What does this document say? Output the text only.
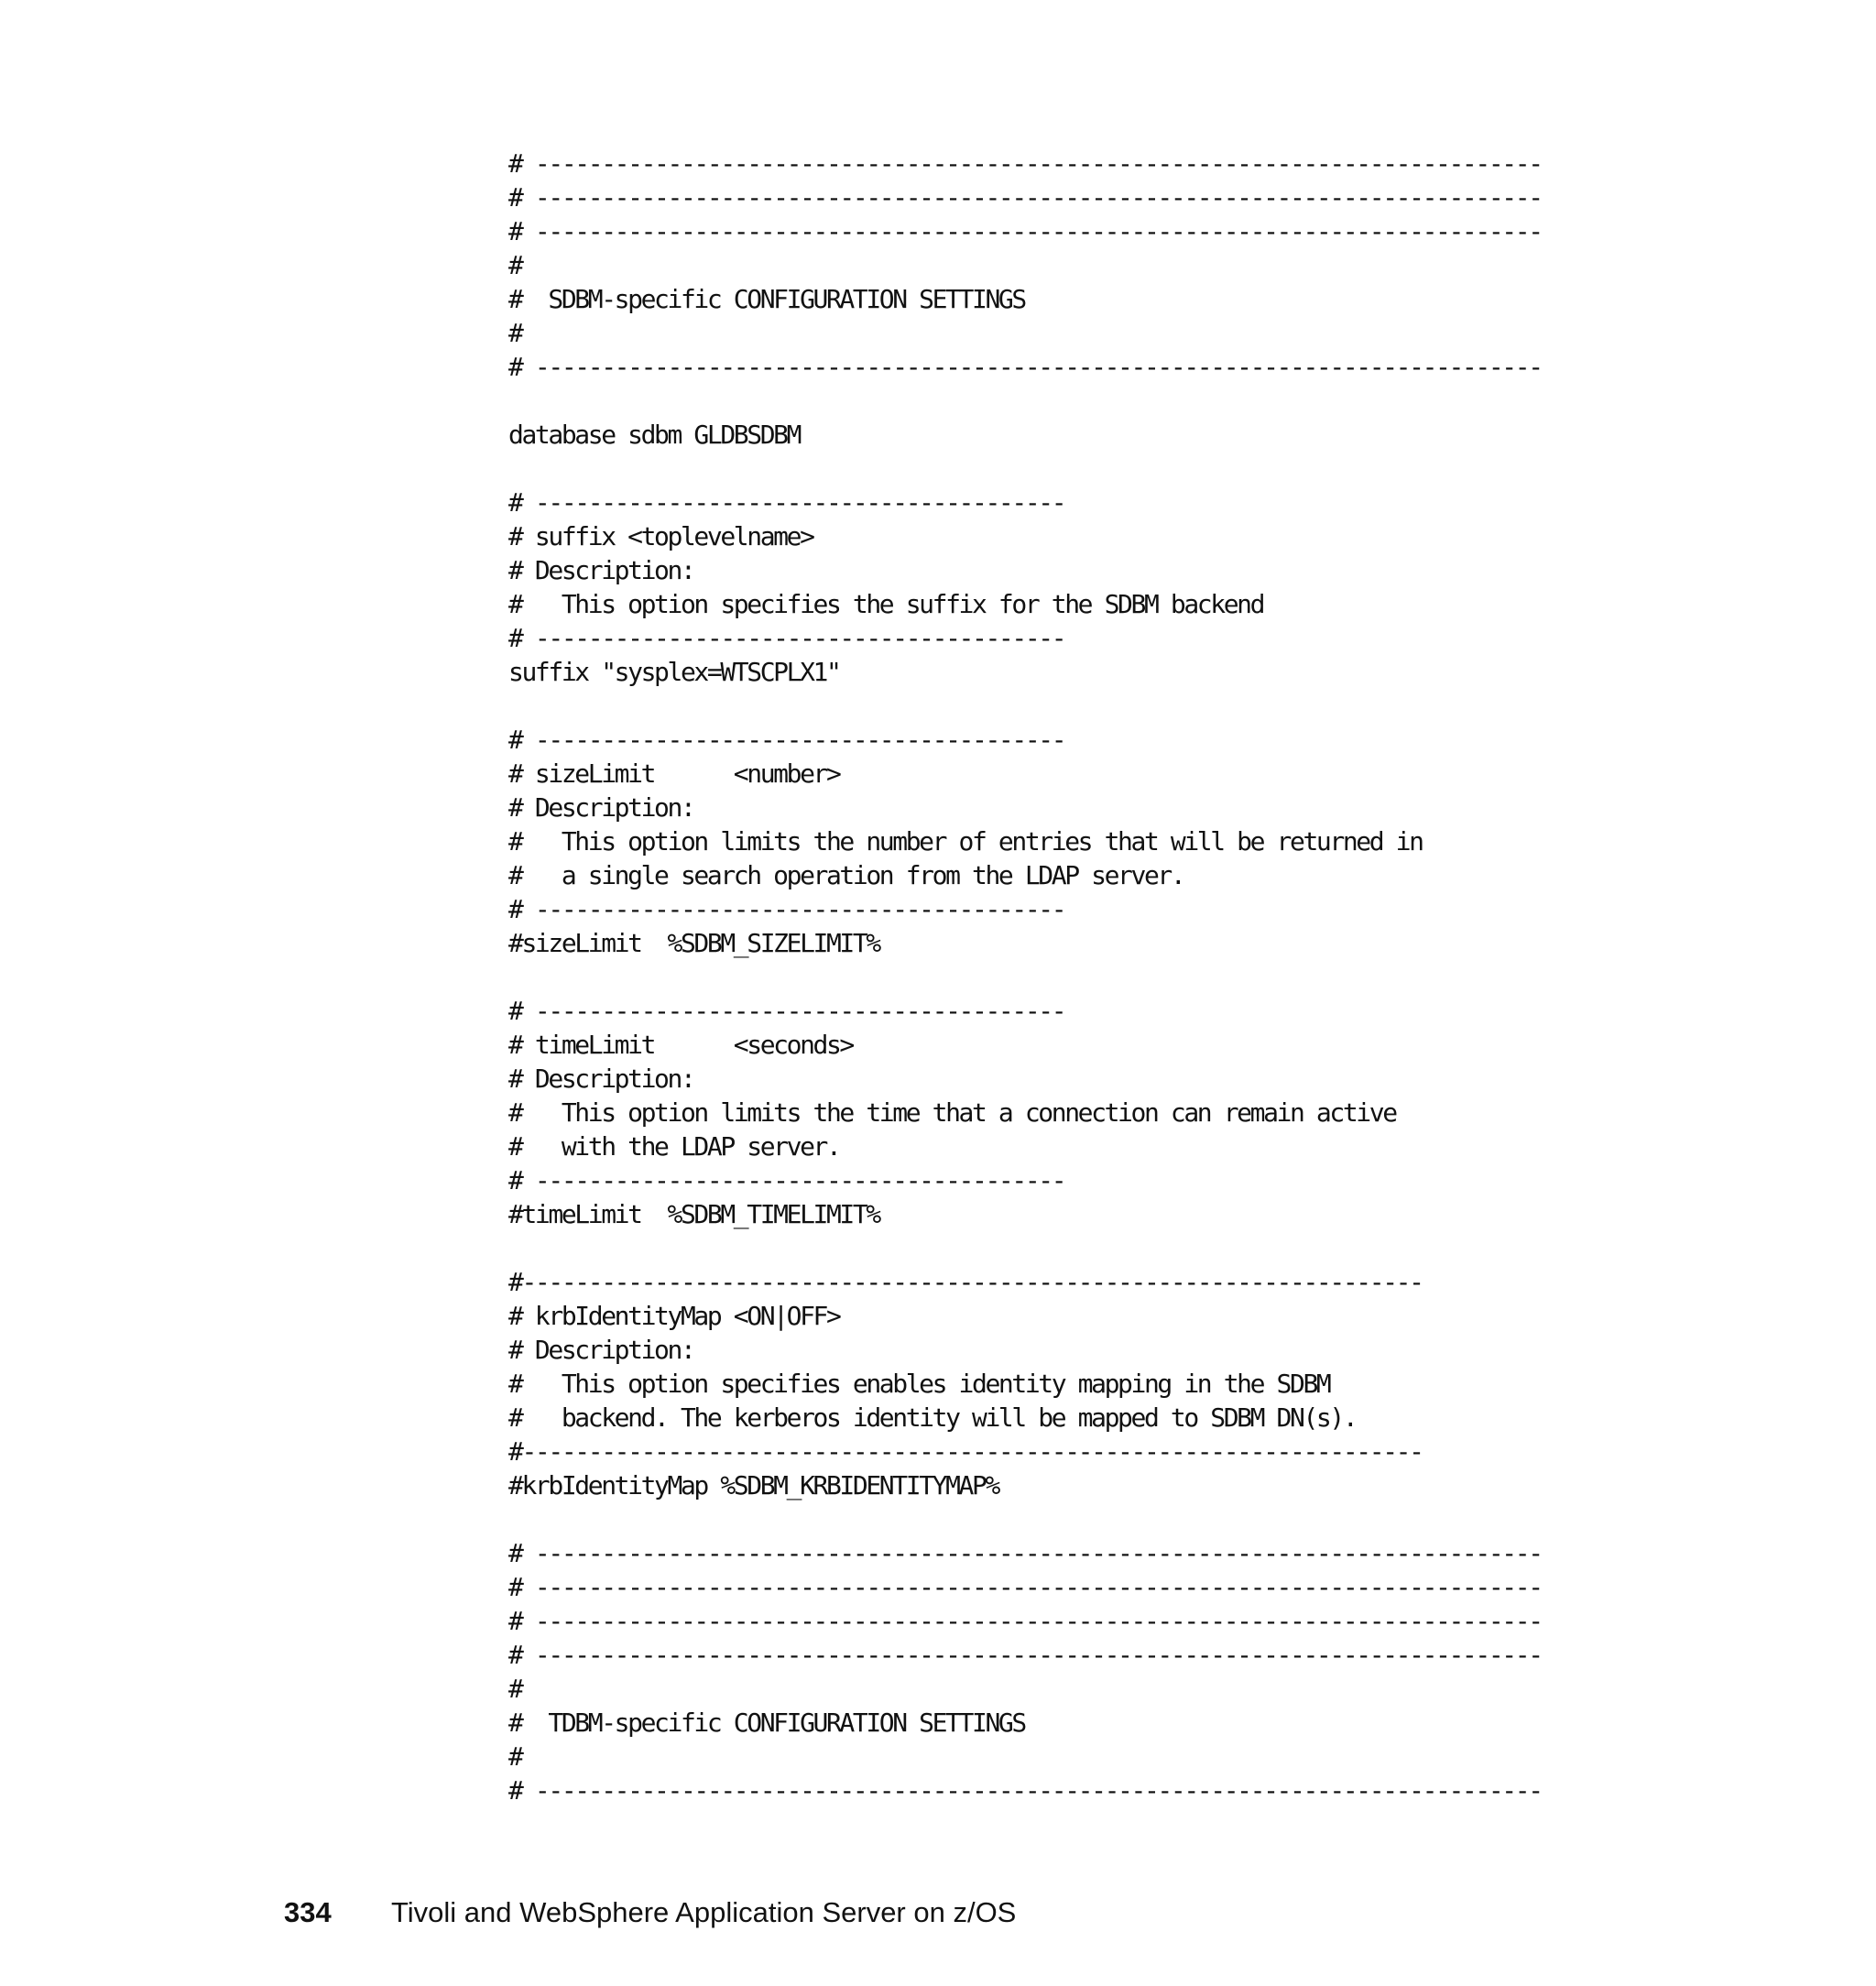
# ----------------------------------------------------------------------------
# ----------------------------------------------------------------------------
# ----------------------------------------------------------------------------
#
#  SDBM-specific CONFIGURATION SETTINGS
#
# ----------------------------------------------------------------------------
database sdbm GLDBSDBM
# ----------------------------------------
# suffix <toplevelname>
# Description:
#   This option specifies the suffix for the SDBM backend
# ----------------------------------------
suffix "sysplex=WTSCPLX1"
# ----------------------------------------
# sizeLimit      <number>
# Description:
#   This option limits the number of entries that will be returned in
#   a single search operation from the LDAP server.
# ----------------------------------------
#sizeLimit  %SDBM_SIZELIMIT%
# ----------------------------------------
# timeLimit      <seconds>
# Description:
#   This option limits the time that a connection can remain active
#   with the LDAP server.
# ----------------------------------------
#timeLimit  %SDBM_TIMELIMIT%
#--------------------------------------------------------------------
# krbIdentityMap <ON|OFF>
# Description:
#   This option specifies enables identity mapping in the SDBM
#   backend. The kerberos identity will be mapped to SDBM DN(s).
#--------------------------------------------------------------------
#krbIdentityMap %SDBM_KRBIDENTITYMAP%
# ----------------------------------------------------------------------------
# ----------------------------------------------------------------------------
# ----------------------------------------------------------------------------
# ----------------------------------------------------------------------------
#
#  TDBM-specific CONFIGURATION SETTINGS
#
# ----------------------------------------------------------------------------
334 Tivoli and WebSphere Application Server on z/OS
